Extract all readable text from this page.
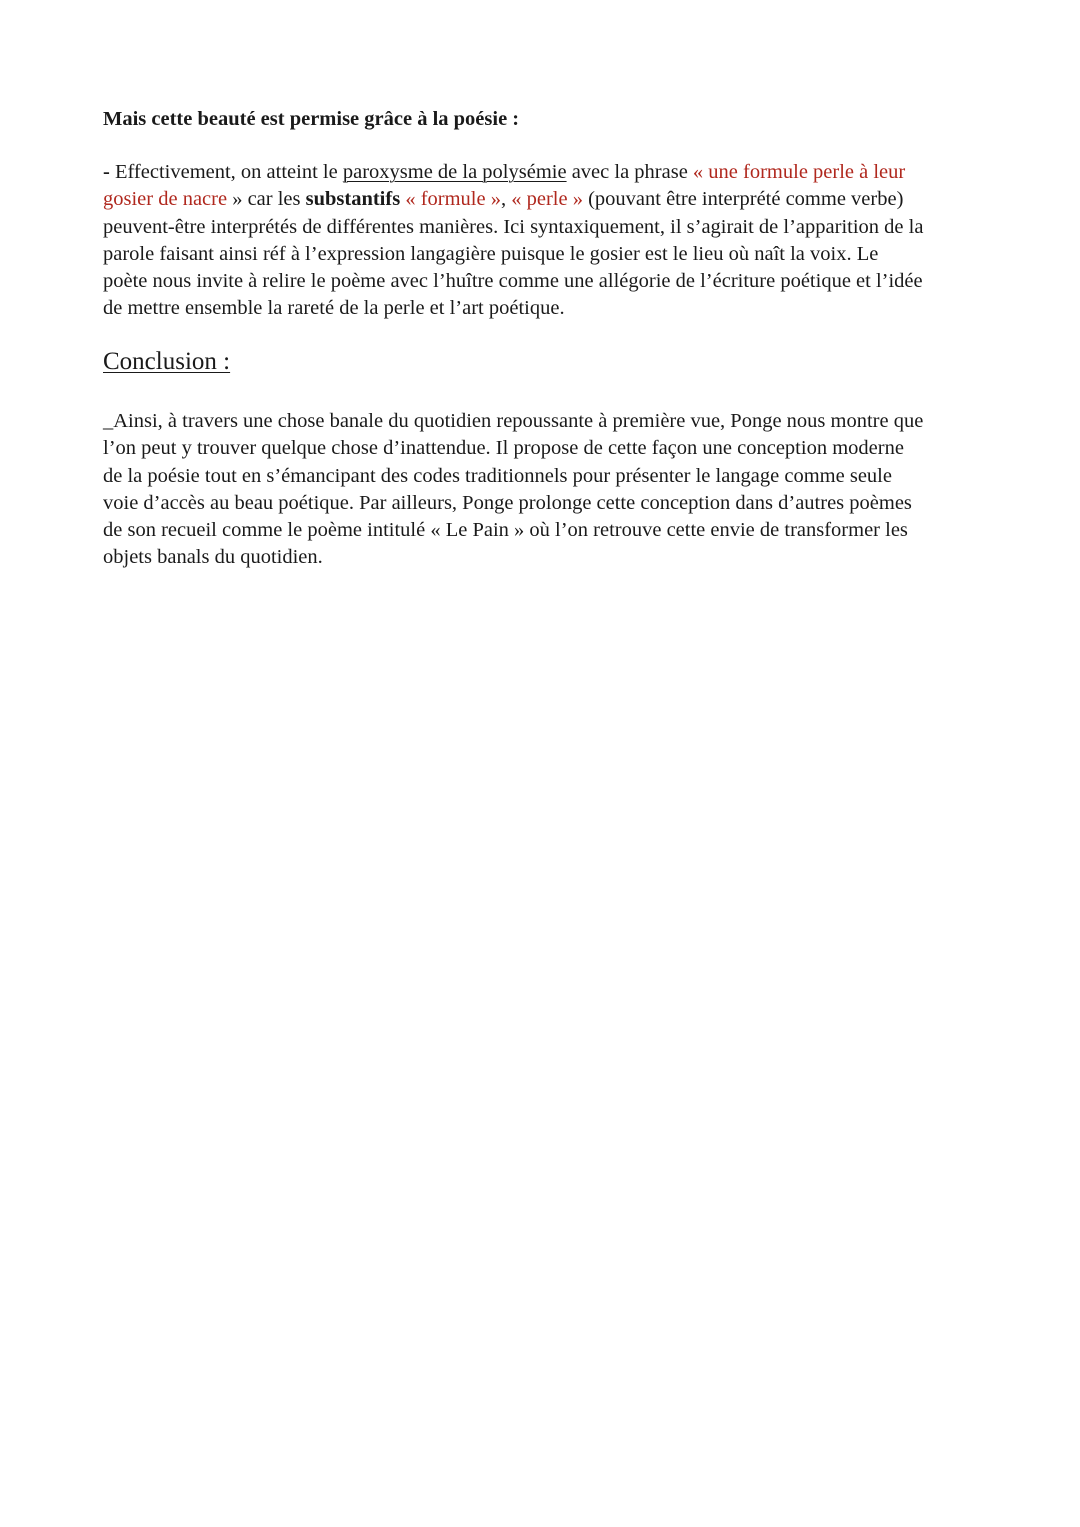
Mais cette beauté est permise grâce à la poésie :

- Effectivement, on atteint le paroxysme de la polysémie avec la phrase « une formule perle à leur
gosier de nacre » car les substantifs « formule », « perle » (pouvant être interprété comme verbe)
peuvent-être interprétés de différentes manières. Ici syntaxiquement, il s’agirait de l’apparition de la
parole faisant ainsi réf à l’expression langagière puisque le gosier est le lieu où naît la voix. Le
poète nous invite à relire le poème avec l’huître comme une allégorie de l’écriture poétique et l’idée
de mettre ensemble la rareté de la perle et l’art poétique.

Conclusion :

_Ainsi, à travers une chose banale du quotidien repoussante à première vue, Ponge nous montre que
l’on peut y trouver quelque chose d’inattendue. Il propose de cette façon une conception moderne
de la poésie tout en s’émancipant des codes traditionnels pour présenter le langage comme seule
voie d’accès au beau poétique. Par ailleurs, Ponge prolonge cette conception dans d’autres poèmes
de son recueil comme le poème intitulé « Le Pain » où l’on retrouve cette envie de transformer les
objets banals du quotidien.
